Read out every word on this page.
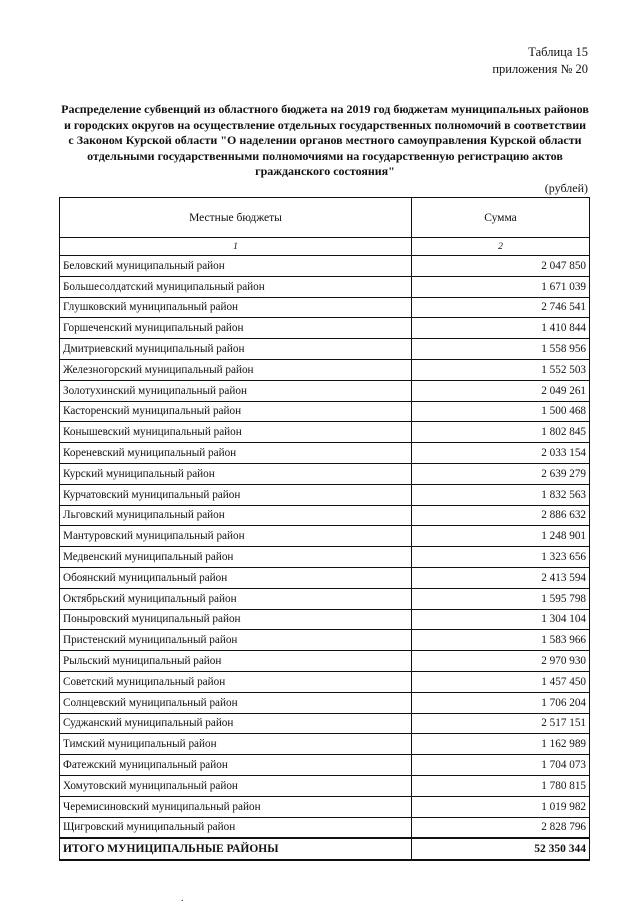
Таблица 15
приложения № 20
Распределение субвенций из областного бюджета на 2019 год бюджетам муниципальных районов и городских округов на осуществление отдельных государственных полномочий в соответствии с Законом Курской области "О наделении органов местного самоуправления Курской области отдельными государственными полномочиями на государственную регистрацию актов гражданского состояния"
(рублей)
Местные бюджеты	Сумма
1	2
Беловский муниципальный район	2 047 850
Большесолдатский муниципальный район	1 671 039
Глушковский муниципальный район	2 746 541
Горшеченский муниципальный район	1 410 844
Дмитриевский муниципальный район	1 558 956
Железногорский муниципальный район	1 552 503
Золотухинский муниципальный район	2 049 261
Касторенский муниципальный район	1 500 468
Конышевский муниципальный район	1 802 845
Кореневский муниципальный район	2 033 154
Курский муниципальный район	2 639 279
Курчатовский муниципальный район	1 832 563
Льговский муниципальный район	2 886 632
Мантуровский муниципальный район	1 248 901
Медвенский муниципальный район	1 323 656
Обоянский муниципальный район	2 413 594
Октябрьский муниципальный район	1 595 798
Поныровский муниципальный район	1 304 104
Пристенский муниципальный район	1 583 966
Рыльский муниципальный район	2 970 930
Советский муниципальный район	1 457 450
Солнцевский муниципальный район	1 706 204
Суджанский муниципальный район	2 517 151
Тимский муниципальный район	1 162 989
Фатежский муниципальный район	1 704 073
Хомутовский муниципальный район	1 780 815
Черемисиновский муниципальный район	1 019 982
Щигровский муниципальный район	2 828 796
ИТОГО МУНИЦИПАЛЬНЫЕ РАЙОНЫ	52 350 344
.
